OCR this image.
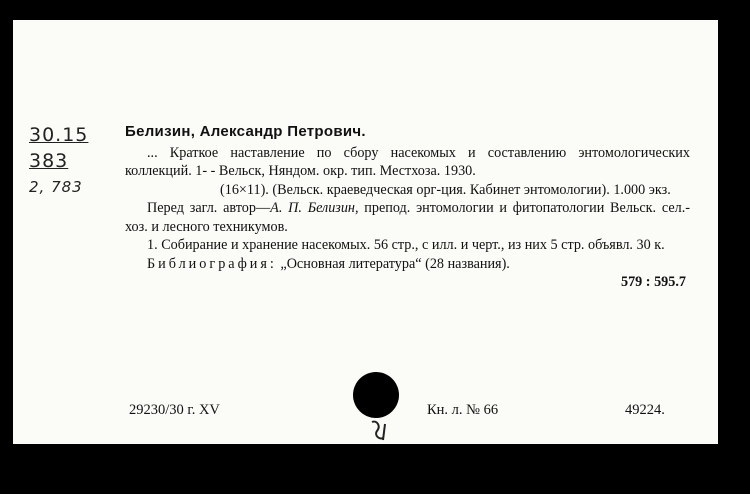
30.15
383
2, 783
Белизин, Александр Петрович.

... Краткое наставление по сбору насекомых и составлению энтомологических коллекций. 1- - Вельск, Няндом. окр. тип. Местхоза. 1930.

(16×11). (Вельск. краеведческая орг-ция. Кабинет энтомологии). 1.000 экз.

Перед загл. автор—А. П. Белизин, препод. энтомологии и фитопатологии Вельск. сел.-хоз. и лесного техникумов.

1. Собирание и хранение насекомых. 56 стр., с илл. и черт., из них 5 стр. объявл. 30 к.

Библиография: „Основная литература“ (28 названия).

579 : 595.7
29230/30 г. XV	Кн. л. № 66	49224.
